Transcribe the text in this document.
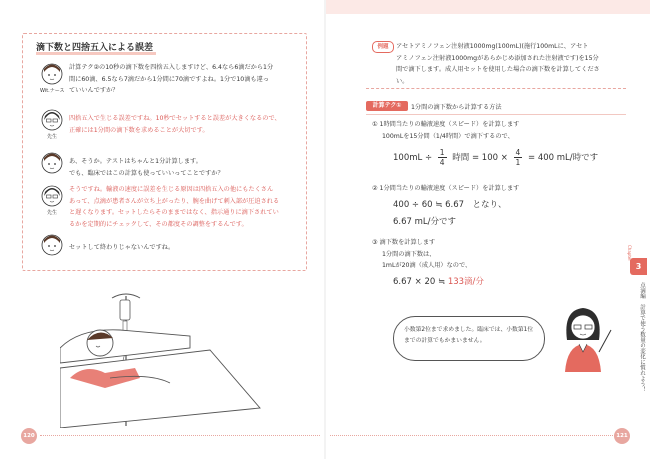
滴下数と四捨五入による誤差
Wit.ナース
計算テク②の10秒の滴下数を四捨五入しますけど、6.4なら6滴だから1分
間に60滴、6.5なら7滴だから1分間に70滴ですよね。1分で10滴も違っ
ていいんですか？
先生
四捨五入で生じる誤差ですね。10秒でセットすると誤差が大きくなるので、
正確には1分間の滴下数を求めることが大切です。
あ、そうか。テストはちゃんと1分計算します。
でも、臨床ではこの計算も使っていいってことですか？
先生
そうですね。輸液の速度に誤差を生じる原因は四捨五入の他にもたくさん
あって、点滴が患者さんが立ち上がったり、腕を曲げて刺入部が圧迫される
と遅くなります。セットしたらそのままではなく、指示通りに滴下されてい
るかを定期的にチェックして、その都度その調整をするんです。
セットして終わりじゃないんですね。
120
例題	アセトアミノフェン注射液1000mg(100mL)(施行100mLに、アセト
アミノフェン注射液1000mgがあらかじめ添加された注射液です)を15分
間で滴下します。成人用セットを使用した場合の滴下数を計算してください。
計算テク①	1分間の滴下数から計算する方法
① 1時間当たりの輸液速度（スピード）を計算します
100mLを15分間（1/4時間）で滴下するので、
$100mL \div \frac{1}{4}$ 時間 = $100 \times \frac{4}{1} = 400$ mL/時です
② 1分間当たりの輸液速度（スピード）を計算します
400 ÷ 60 ≒ 6.67　となり、
6.67 mL/分です
③ 滴下数を計算します
1分間の滴下数は、
1mLが20滴（成人用）なので、
6.67 × 20 ≒ 133滴/分
小数第2位まで求めました。臨床では、小数第1位までの計算でもかまいません。
3
Chapter
点滴編　計算で使う数量の変化に慣れよう！
121
